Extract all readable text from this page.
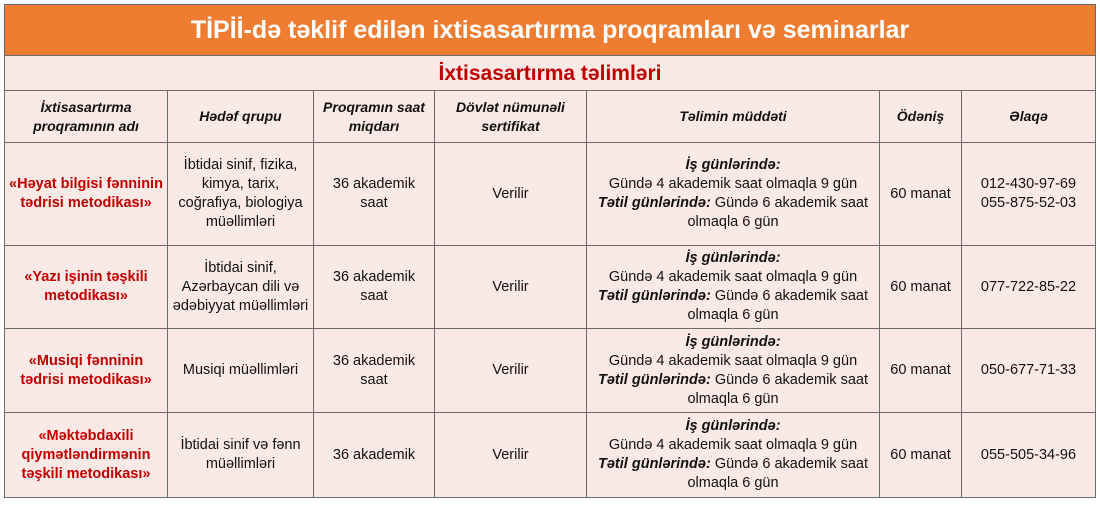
TİPİİ-də təklif edilən ixtisasartırma proqramları və seminarlar						
İxtisasartırma təlimləri						
İxtisasartırma proqramının adı	Hədəf qrupu	Proqramın saat miqdarı	Dövlət nümunəli sertifikat	Təlimin müddəti	Ödəniş	Əlaqə
«Həyat bilgisi fənninin tədrisi metodikası»	İbtidai sinif, fizika, kimya, tarix, coğrafiya, biologiya müəllimləri	36 akademik saat	Verilir	İş günlərində:
Gündə 4 akademik saat olmaqla 9 gün
Tətil günlərində: Gündə 6 akademik saat olmaqla 6 gün	60 manat	012-430-97-69
055-875-52-03

«Yazı işinin təşkili metodikası»	İbtidai sinif, Azərbaycan dili və ədəbiyyat müəllimləri	36 akademik saat	Verilir	İş günlərində:
Gündə 4 akademik saat olmaqla 9 gün
Tətil günlərində: Gündə 6 akademik saat olmaqla 6 gün	60 manat	077-722-85-22

«Musiqi fənninin tədrisi metodikası»	Musiqi müəllimləri	36 akademik saat	Verilir	İş günlərində:
Gündə 4 akademik saat olmaqla 9 gün
Tətil günlərində: Gündə 6 akademik saat olmaqla 6 gün	60 manat	050-677-71-33

«Məktəbdaxili qiymətləndirmənin təşkili metodikası»	İbtidai sinif və fənn müəllimləri	36 akademik	Verilir	İş günlərində:
Gündə 4 akademik saat olmaqla 9 gün
Tətil günlərində: Gündə 6 akademik saat olmaqla 6 gün	60 manat	055-505-34-96
